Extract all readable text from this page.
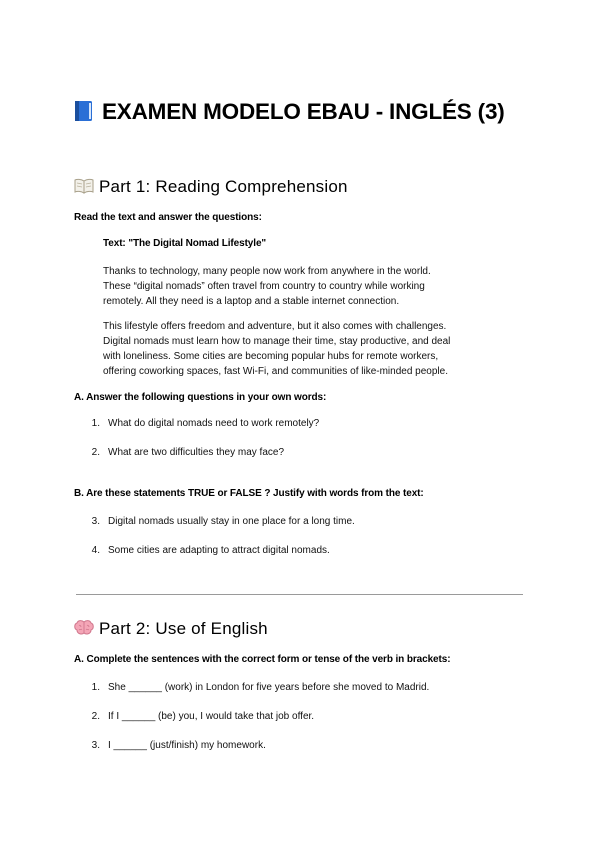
EXAMEN MODELO EBAU - INGLÉS (3)
Part 1: Reading Comprehension
Read the text and answer the questions:
Text: "The Digital Nomad Lifestyle"
Thanks to technology, many people now work from anywhere in the world.
These “digital nomads” often travel from country to country while working
remotely. All they need is a laptop and a stable internet connection.
This lifestyle offers freedom and adventure, but it also comes with challenges.
Digital nomads must learn how to manage their time, stay productive, and deal
with loneliness. Some cities are becoming popular hubs for remote workers,
offering coworking spaces, fast Wi-Fi, and communities of like-minded people.
A. Answer the following questions in your own words:
1. What do digital nomads need to work remotely?
2. What are two difficulties they may face?
B. Are these statements TRUE or FALSE ? Justify with words from the text:
3. Digital nomads usually stay in one place for a long time.
4. Some cities are adapting to attract digital nomads.
Part 2: Use of English
A. Complete the sentences with the correct form or tense of the verb in brackets:
1. She ______ (work) in London for five years before she moved to Madrid.
2. If I ______ (be) you, I would take that job offer.
3. I ______ (just/finish) my homework.
